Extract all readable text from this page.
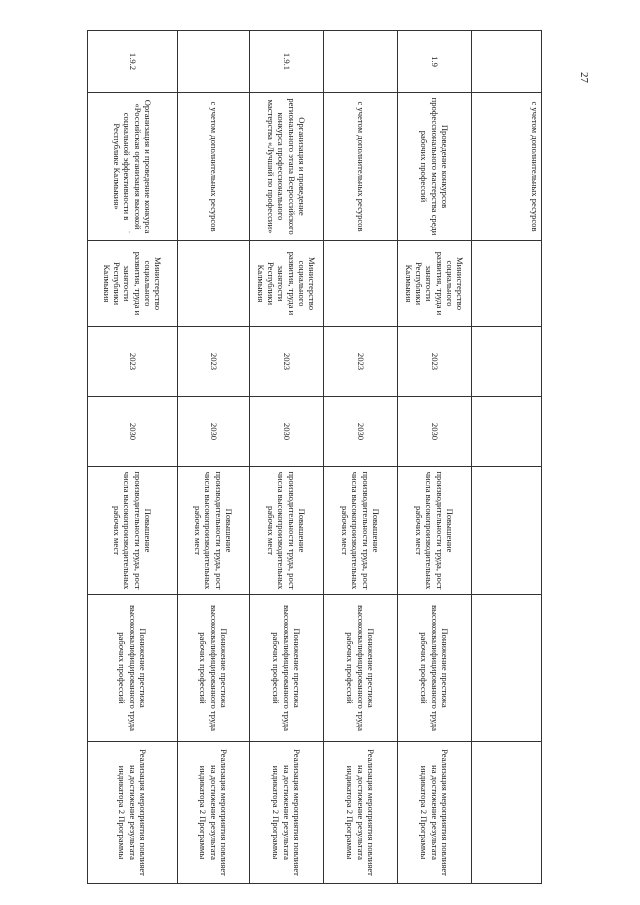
27
·
	с учетом дополнительных ресурсов						
1.9	Проведение конкурсов профессионального мастерства среди рабочих профессий	Министерство социального развития, труда и занятости Республики Калмыкия	2023	2030	Повышение производительности труда, рост числа высокопроизводительных рабочих мест	Понижение престижа высококвалифицированного труда рабочих профессий	Реализация мероприятия повлияет на достижение результата индикатора 2 Программы
	с учетом дополнительных ресурсов		2023	2030	Повышение производительности труда, рост числа высокопроизводительных рабочих мест	Понижение престижа высококвалифицированного труда рабочих профессий	Реализация мероприятия повлияет на достижение результата индикатора 2 Программы
1.9.1	Организация и проведение регионального этапа Всероссийского конкурса профессионального мастерства «Лучший по профессии»	Министерство социального развития, труда и занятости Республики Калмыкия	2023	2030	Повышение производительности труда, рост числа высокопроизводительных рабочих мест	Понижение престижа высококвалифицированного труда рабочих профессий	Реализация мероприятия повлияет на достижение результата индикатора 2 Программы
	с учетом дополнительных ресурсов		2023	2030	Повышение производительности труда, рост числа высокопроизводительных рабочих мест	Понижение престижа высококвалифицированного труда рабочих профессий	Реализация мероприятия повлияет на достижение результата индикатора 2 Программы
1.9.2	Организация и проведение конкурса «Российская организация высокой социальной эффективности в Республике Калмыкия»	Министерство социального развития, труда и занятости Республики Калмыкия	2023	2030	Повышение производительности труда, рост числа высокопроизводительных рабочих мест	Понижение престижа высококвалифицированного труда рабочих профессий	Реализация мероприятия повлияет на достижение результата индикатора 2 Программы
